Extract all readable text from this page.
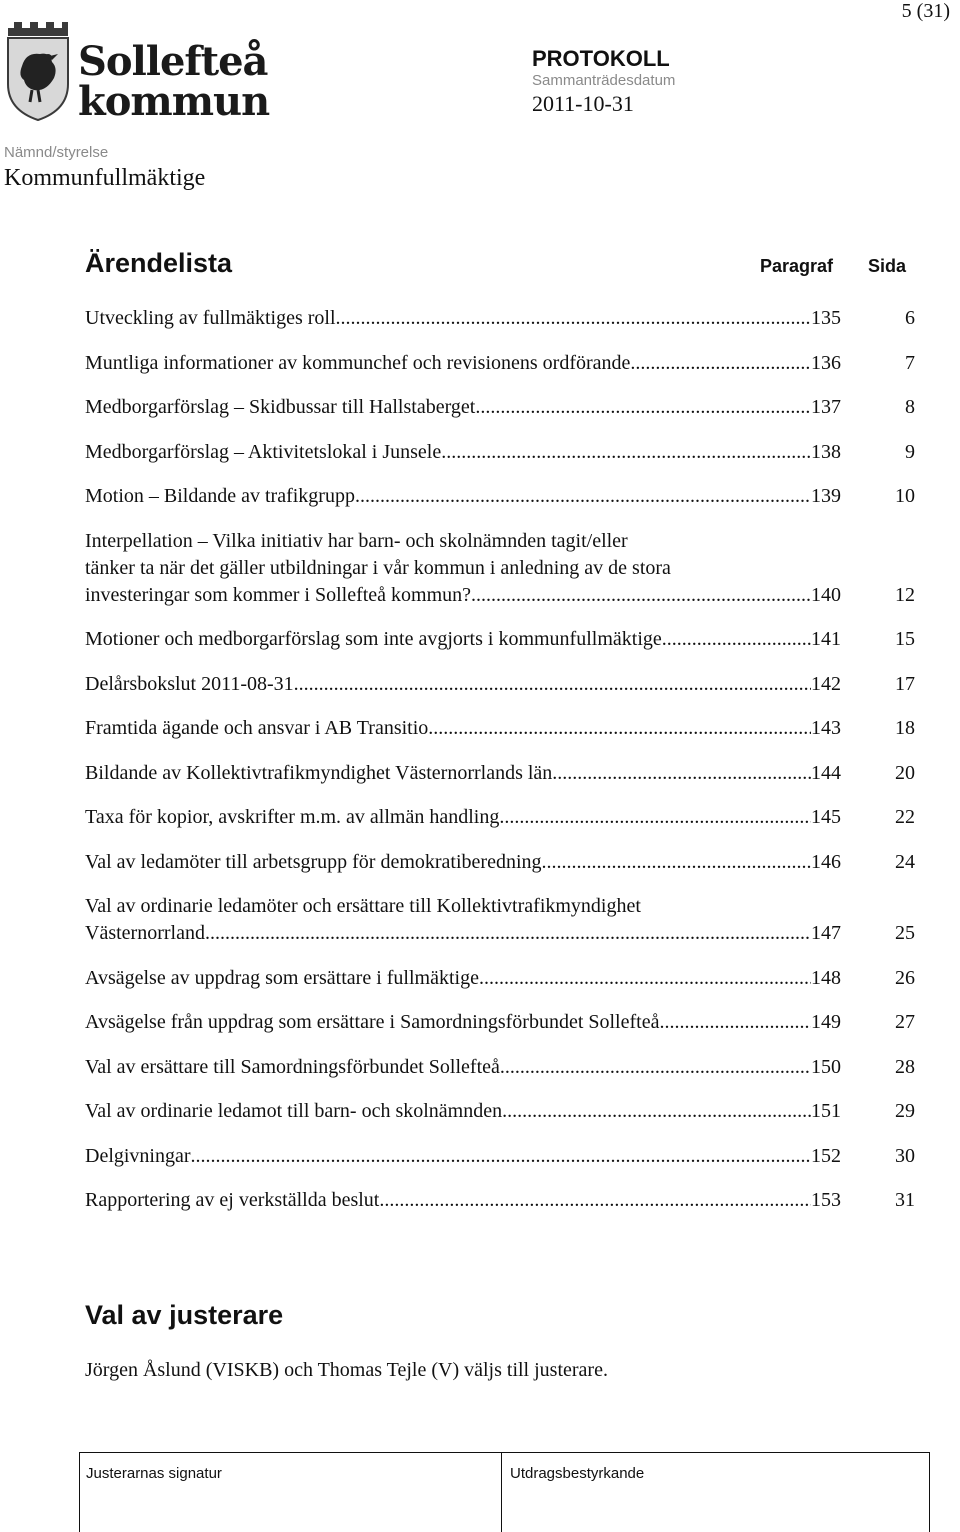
5 (31)
Sollefteå
kommun
PROTOKOLL
Sammanträdesdatum
2011-10-31
Nämnd/styrelse
Kommunfullmäktige
Ärendelista	Paragraf Sida
Utveckling av fullmäktiges roll .....	135	6
Muntliga informationer av kommunchef och revisionens ordförande .....	136	7
Medborgarförslag – Skidbussar till Hallstaberget .....	137	8
Medborgarförslag – Aktivitetslokal i Junsele .....	138	9
Motion – Bildande av trafikgrupp .....	139	10
Interpellation – Vilka initiativ har barn- och skolnämnden tagit/eller
tänker ta när det gäller utbildningar i vår kommun i anledning av de stora
investeringar som kommer i Sollefteå kommun? .....	140	12
Motioner och medborgarförslag som inte avgjorts i kommunfullmäktige .....	141	15
Delårsbokslut 2011-08-31 .....	142	17
Framtida ägande och ansvar i AB Transitio .....	143	18
Bildande av Kollektivtrafikmyndighet Västernorrlands län .....	144	20
Taxa för kopior, avskrifter m.m. av allmän handling .....	145	22
Val av ledamöter till arbetsgrupp för demokratiberedning .....	146	24
Val av ordinarie ledamöter och ersättare till Kollektivtrafikmyndighet
Västernorrland .....	147	25
Avsägelse av uppdrag som ersättare i fullmäktige .....	148	26
Avsägelse från uppdrag som ersättare i Samordningsförbundet Sollefteå .....	149	27
Val av ersättare till Samordningsförbundet Sollefteå .....	150	28
Val av ordinarie ledamot till barn- och skolnämnden .....	151	29
Delgivningar .....	152	30
Rapportering av ej verkställda beslut .....	153	31
Val av justerare
Jörgen Åslund (VISKB) och Thomas Tejle (V) väljs till justerare.
Justerarnas signatur	Utdragsbestyrkande
